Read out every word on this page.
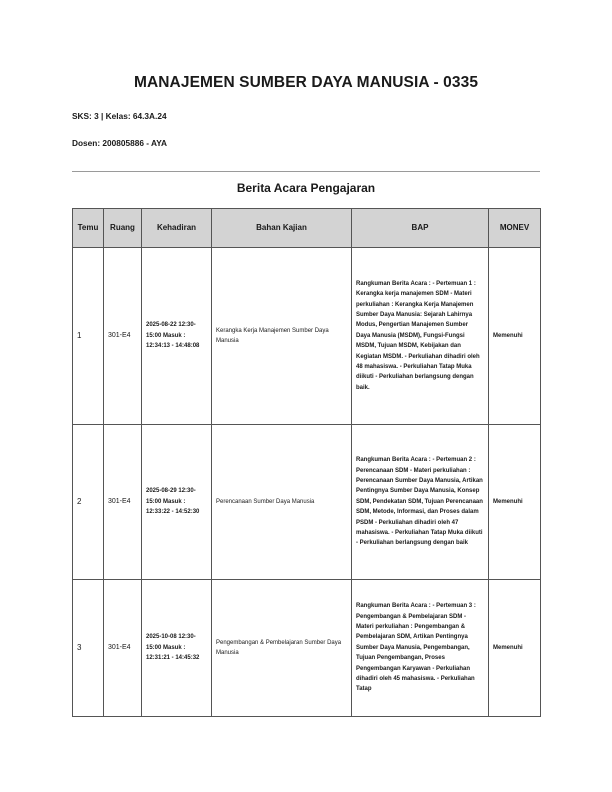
MANAJEMEN SUMBER DAYA MANUSIA - 0335
SKS: 3 | Kelas: 64.3A.24
Dosen: 200805886 - AYA
Berita Acara Pengajaran
Temu	Ruang	Kehadiran	Bahan Kajian	BAP	MONEV
1	301-E4	2025-08-22 12:30-15:00 Masuk : 12:34:13 - 14:48:08	Kerangka Kerja Manajemen Sumber Daya Manusia	Rangkuman Berita Acara : - Pertemuan 1 : Kerangka kerja manajemen SDM - Materi perkuliahan : Kerangka Kerja Manajemen Sumber Daya Manusia: Sejarah Lahirnya Modus, Pengertian Manajemen Sumber Daya Manusia (MSDM), Fungsi-Fungsi MSDM, Tujuan MSDM, Kebijakan dan Kegiatan MSDM. - Perkuliahan dihadiri oleh 48 mahasiswa. - Perkuliahan Tatap Muka diikuti - Perkuliahan berlangsung dengan baik.	Memenuhi
2	301-E4	2025-08-29 12:30-15:00 Masuk : 12:33:22 - 14:52:30	Perencanaan Sumber Daya Manusia	Rangkuman Berita Acara : - Pertemuan 2 : Perencanaan SDM - Materi perkuliahan : Perencanaan Sumber Daya Manusia, Artikan Pentingnya Sumber Daya Manusia, Konsep SDM, Pendekatan SDM, Tujuan Perencanaan SDM, Metode, Informasi, dan Proses dalam PSDM - Perkuliahan dihadiri oleh 47 mahasiswa. - Perkuliahan Tatap Muka diikuti - Perkuliahan berlangsung dengan baik	Memenuhi
3	301-E4	2025-10-08 12:30-15:00 Masuk : 12:31:21 - 14:45:32	Pengembangan & Pembelajaran Sumber Daya Manusia	Rangkuman Berita Acara : - Pertemuan 3 : Pengembangan & Pembelajaran SDM - Materi perkuliahan : Pengembangan & Pembelajaran SDM, Artikan Pentingnya Sumber Daya Manusia, Pengembangan, Tujuan Pengembangan, Proses Pengembangan Karyawan - Perkuliahan dihadiri oleh 45 mahasiswa. - Perkuliahan Tatap	Memenuhi
